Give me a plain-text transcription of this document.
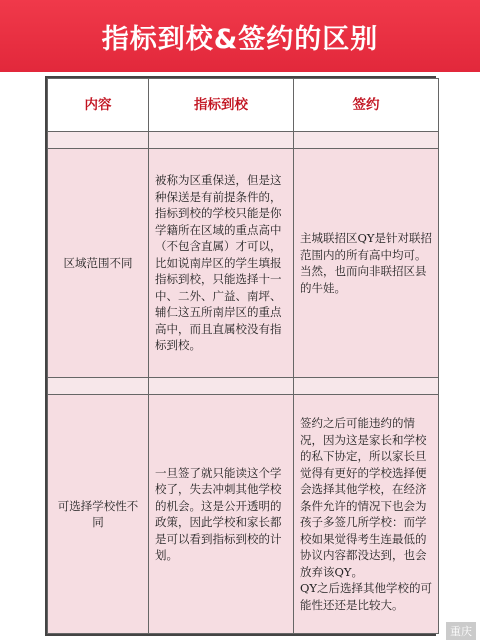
指标到校&签约的区别
内容	指标到校	签约

区域范围不同	被称为区重保送，但是这种保送是有前提条件的，指标到校的学校只能是你学籍所在区域的重点高中（不包含直属）才可以，比如说南岸区的学生填报指标到校，只能选择十一中、二外、广益、南坪、辅仁这五所南岸区的重点高中，而且直属校没有指标到校。	主城联招区QY是针对联招范围内的所有高中均可。当然，也而向非联招区县的牛娃。

可选择学校性不同	一旦签了就只能读这个学校了，失去冲刺其他学校的机会。这是公开透明的政策，因此学校和家长都是可以看到指标到校的计划。	签约之后可能违约的情况，因为这是家长和学校的私下协定，所以家长旦觉得有更好的学校选择便会选择其他学校，在经济条件允许的情况下也会为孩子多签几所学校：而学校如果觉得考生连最低的协议内容都没达到，也会放弃该QY。
QY之后选择其他学校的可能性还还是比较大。
重庆
